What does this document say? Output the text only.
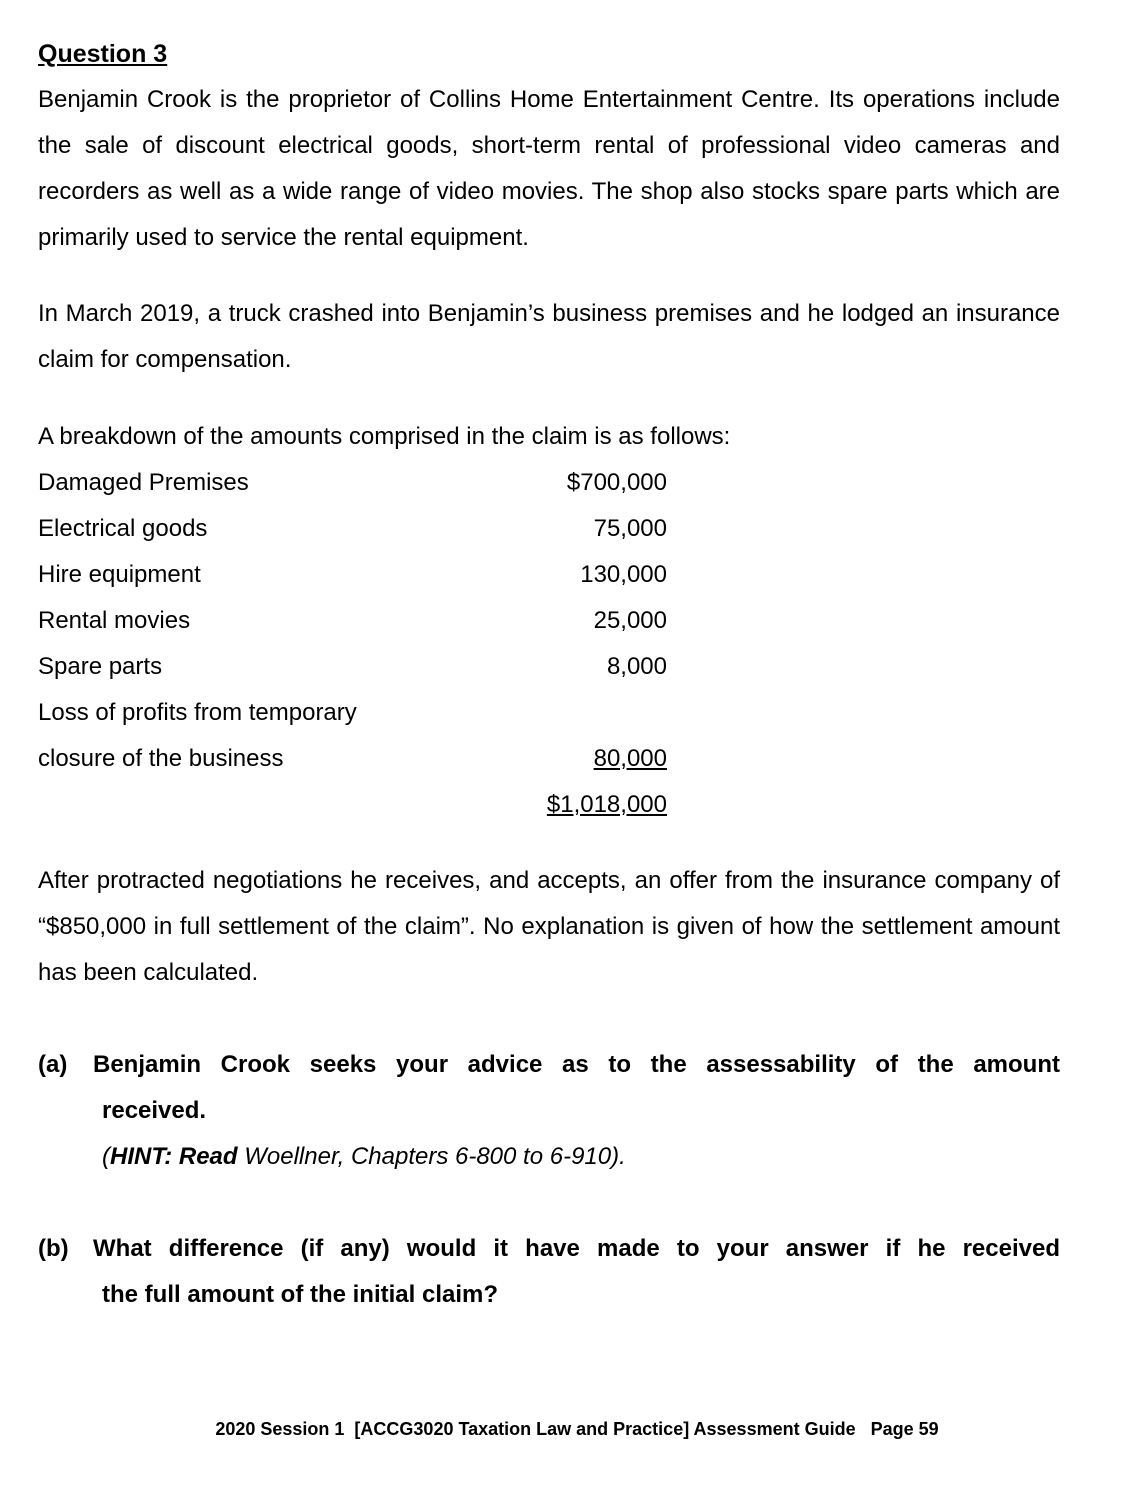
Question 3
Benjamin Crook is the proprietor of Collins Home Entertainment Centre. Its operations include the sale of discount electrical goods, short-term rental of professional video cameras and recorders as well as a wide range of video movies. The shop also stocks spare parts which are primarily used to service the rental equipment.
In March 2019, a truck crashed into Benjamin’s business premises and he lodged an insurance claim for compensation.
A breakdown of the amounts comprised in the claim is as follows:
Damaged Premises	$700,000
Electrical goods	75,000
Hire equipment	130,000
Rental movies	25,000
Spare parts	8,000
Loss of profits from temporary
closure of the business	80,000
$1,018,000
After protracted negotiations he receives, and accepts, an offer from the insurance company of “$850,000 in full settlement of the claim”. No explanation is given of how the settlement amount has been calculated.
(a) Benjamin Crook seeks your advice as to the assessability of the amount
received.
(HINT: Read Woellner, Chapters 6-800 to 6-910).
(b) What difference (if any) would it have made to your answer if he received
the full amount of the initial claim?
2020 Session 1  [ACCG3020 Taxation Law and Practice] Assessment Guide   Page 59
